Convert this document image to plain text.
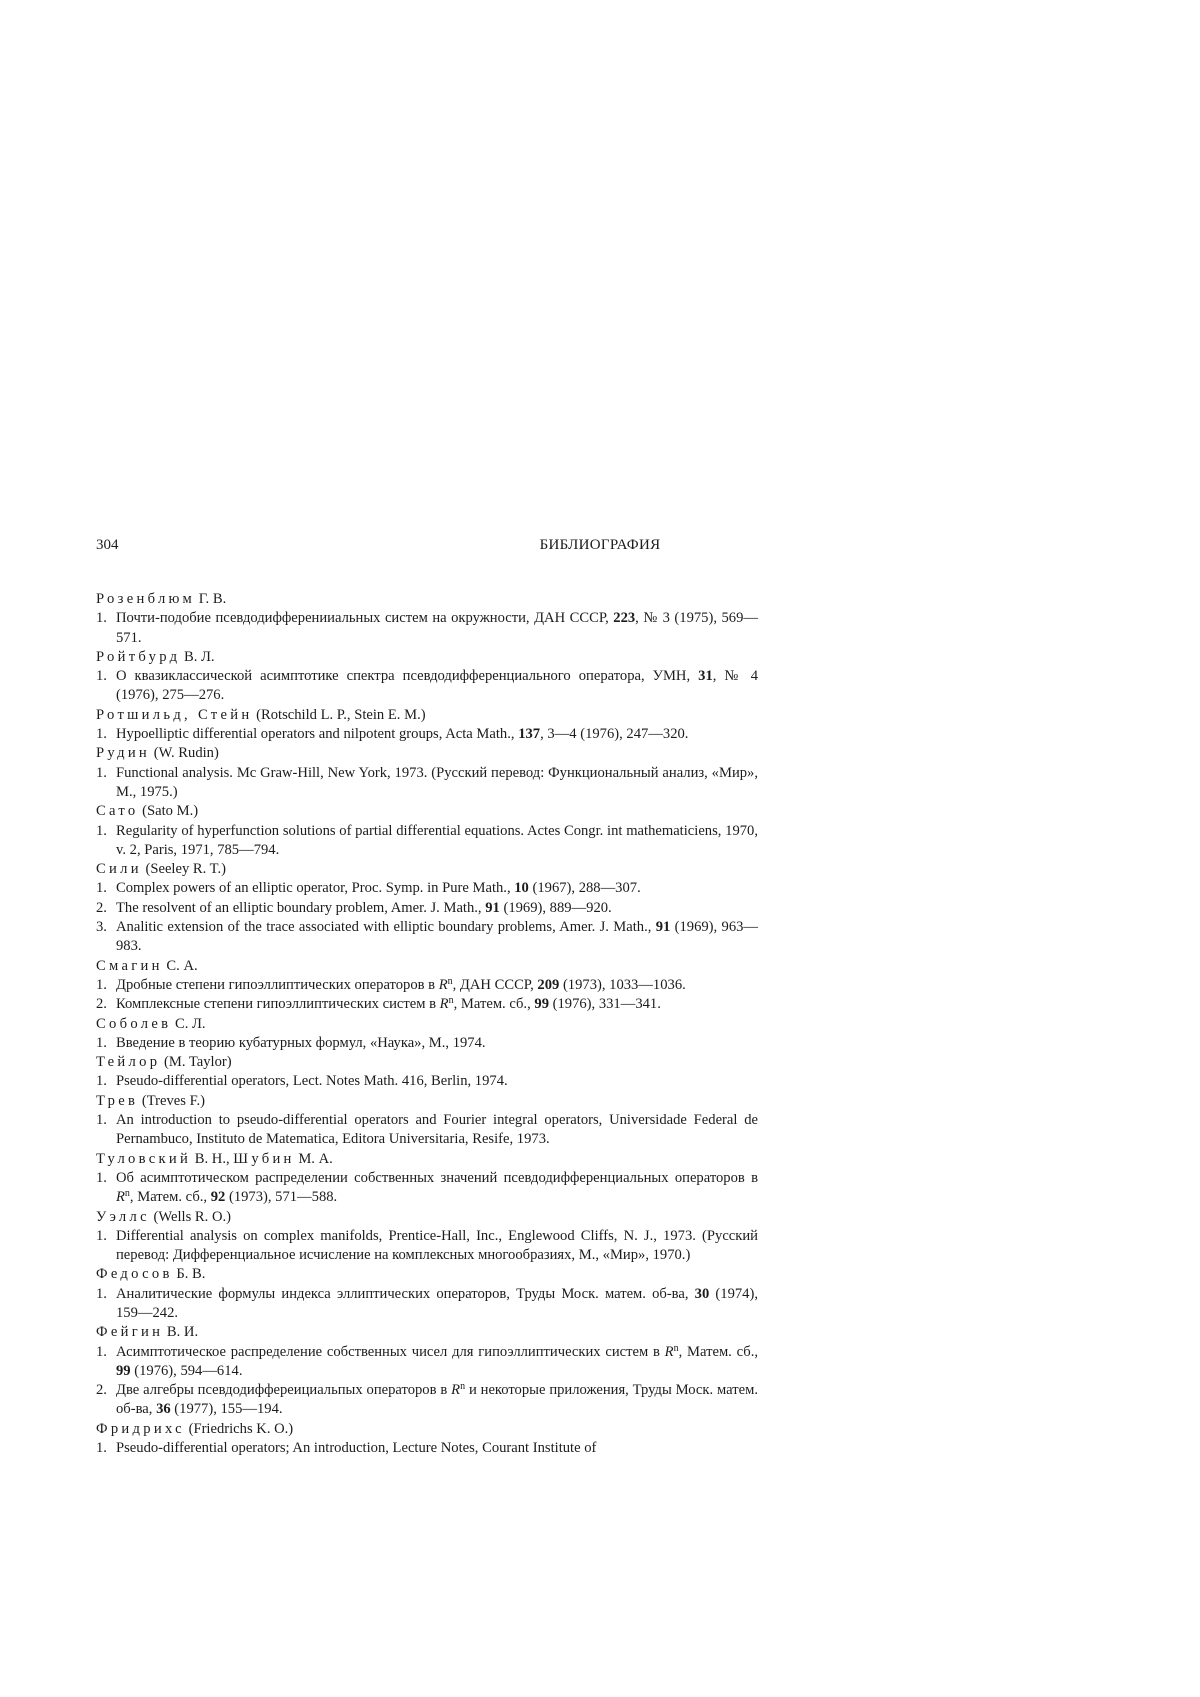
304	БИБЛИОГРАФИЯ
Розенблюм Г. В.
1. Почти-подобие псевдодифференииальных систем на окружности, ДАН СССР, 223, № 3 (1975), 569—571.
Ройтбурд В. Л.
1. О квазиклассической асимптотике спектра псевдодифференциального оператора, УМН, 31, № 4 (1976), 275—276.
Ротшильд, Стейн (Rotschild L. P., Stein E. M.)
1. Hypoelliptic differential operators and nilpotent groups, Acta Math., 137, 3—4 (1976), 247—320.
Рудин (W. Rudin)
1. Functional analysis. Mc Graw-Hill, New York, 1973. (Русский перевод: Функциональный анализ, «Мир», М., 1975.)
Сато (Sato M.)
1. Regularity of hyperfunction solutions of partial differential equations. Actes Congr. int mathematiciens, 1970, v. 2, Paris, 1971, 785—794.
Сили (Seeley R. T.)
1. Complex powers of an elliptic operator, Proc. Symp. in Pure Math., 10 (1967), 288—307.
2. The resolvent of an elliptic boundary problem, Amer. J. Math., 91 (1969), 889—920.
3. Analitic extension of the trace associated with elliptic boundary problems, Amer. J. Math., 91 (1969), 963—983.
Смагин С. А.
1. Дробные степени гипоэллиптических операторов в $R^n$, ДАН СССР, 209 (1973), 1033—1036.
2. Комплексные степени гипоэллиптических систем в $R^n$, Матем. сб., 99 (1976), 331—341.
Соболев С. Л.
1. Введение в теорию кубатурных формул, «Наука», М., 1974.
Тейлор (M. Taylor)
1. Pseudo-differential operators, Lect. Notes Math. 416, Berlin, 1974.
Трев (Treves F.)
1. An introduction to pseudo-differential operators and Fourier integral operators, Universidade Federal de Pernambuco, Instituto de Matematica, Editora Universitaria, Resife, 1973.
Туловский В. Н., Шубин М. А.
1. Об асимптотическом распределении собственных значений псевдодифференциальных операторов в $R^n$, Матем. сб., 92 (1973), 571—588.
Уэллс (Wells R. O.)
1. Differential analysis on complex manifolds, Prentice-Hall, Inc., Englewood Cliffs, N. J., 1973. (Русский перевод: Дифференциальное исчисление на комплексных многообразиях, М., «Мир», 1970.)
Федосов Б. В.
1. Аналитические формулы индекса эллиптических операторов, Труды Моск. матем. об-ва, 30 (1974), 159—242.
Фейгин В. И.
1. Асимптотическое распределение собственных чисел для гипоэллиптических систем в $R^n$, Матем. сб., 99 (1976), 594—614.
2. Две алгебры псевдодиффереициальпых операторов в $R^n$ и некоторые приложения, Труды Моск. матем. об-ва, 36 (1977), 155—194.
Фридрихс (Friedrichs K. O.)
1. Pseudo-differential operators; An introduction, Lecture Notes, Courant Institute of
